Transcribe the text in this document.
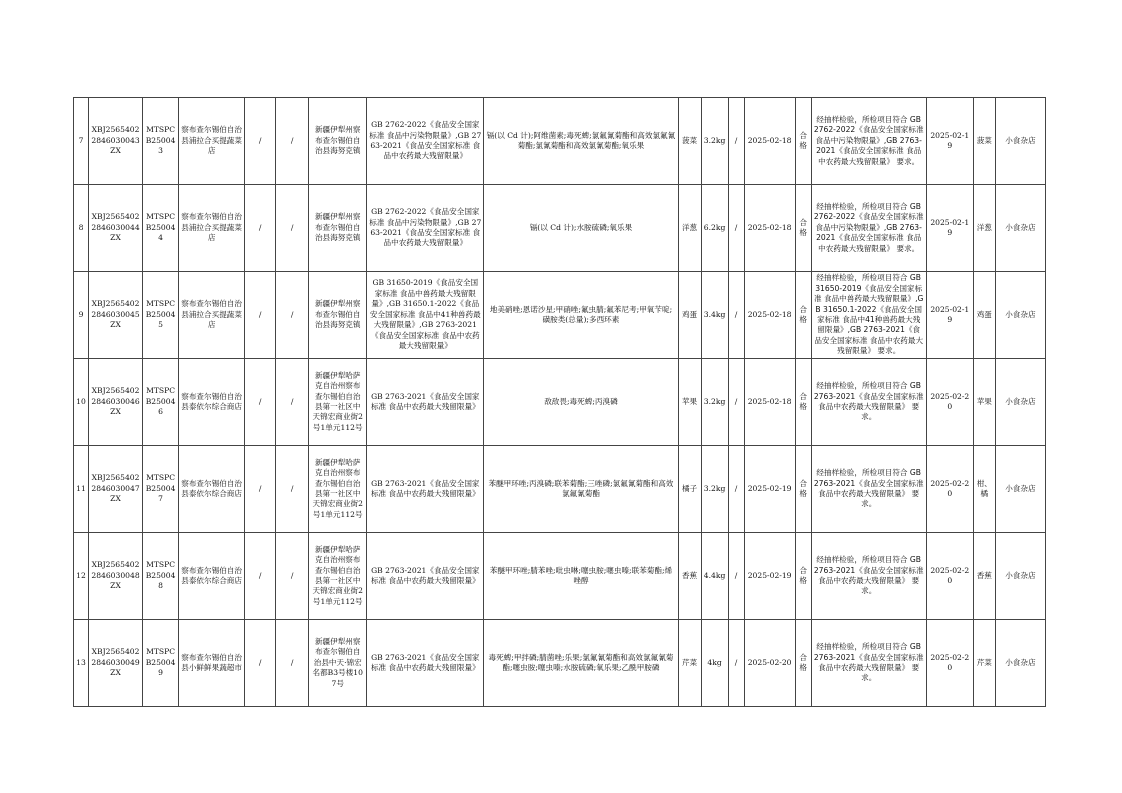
7	XBJ25654022846030043ZX	MTSPCB250043	察布查尔锡伯自治县浦拉合买提蔬菜店	/	/	新疆伊犁州察布查尔锡伯自治县海努克镇	GB 2762-2022《食品安全国家标准 食品中污染物限量》,GB 2763-2021《食品安全国家标准 食品中农药最大残留限量》	镉(以 Cd 计);阿维菌素;毒死蜱;氯氟氰菊酯和高效氯氟氰菊酯;氯氰菊酯和高效氯氰菊酯;氧乐果	菠菜	3.2kg	/	2025-02-18	合格	经抽样检验，所检项目符合 GB 2762-2022《食品安全国家标准 食品中污染物限量》,GB 2763-2021《食品安全国家标准 食品中农药最大残留限量》 要求。	2025-02-19	菠菜	小食杂店
8	XBJ25654022846030044ZX	MTSPCB250044	察布查尔锡伯自治县浦拉合买提蔬菜店	/	/	新疆伊犁州察布查尔锡伯自治县海努克镇	GB 2762-2022《食品安全国家标准 食品中污染物限量》,GB 2763-2021《食品安全国家标准 食品中农药最大残留限量》	镉(以 Cd 计);水胺硫磷;氧乐果	洋葱	6.2kg	/	2025-02-18	合格	经抽样检验，所检项目符合 GB 2762-2022《食品安全国家标准 食品中污染物限量》,GB 2763-2021《食品安全国家标准 食品中农药最大残留限量》 要求。	2025-02-19	洋葱	小食杂店
9	XBJ25654022846030045ZX	MTSPCB250045	察布查尔锡伯自治县浦拉合买提蔬菜店	/	/	新疆伊犁州察布查尔锡伯自治县海努克镇	GB 31650-2019《食品安全国家标准 食品中兽药最大残留限量》,GB 31650.1-2022《食品安全国家标准 食品中41种兽药最大残留限量》,GB 2763-2021《食品安全国家标准 食品中农药最大残留限量》	地美硝唑;恩诺沙星;甲硝唑;氟虫腈;氟苯尼考;甲氧苄啶;磺胺类(总量);多西环素	鸡蛋	3.4kg	/	2025-02-18	合格	经抽样检验，所检项目符合 GB 31650-2019《食品安全国家标准 食品中兽药最大残留限量》,GB 31650.1-2022《食品安全国家标准 食品中41种兽药最大残留限量》,GB 2763-2021《食品安全国家标准 食品中农药最大残留限量》 要求。	2025-02-19	鸡蛋	小食杂店
10	XBJ25654022846030046ZX	MTSPCB250046	察布查尔锡伯自治县泰依尔综合商店	/	/	新疆伊犁哈萨克自治州察布查尔锡伯自治县第一社区中天锦宏商业街2号1单元112号	GB 2763-2021《食品安全国家标准 食品中农药最大残留限量》	敌敌畏;毒死蜱;丙溴磷	苹果	3.2kg	/	2025-02-18	合格	经抽样检验，所检项目符合 GB 2763-2021《食品安全国家标准 食品中农药最大残留限量》 要求。	2025-02-20	苹果	小食杂店
11	XBJ25654022846030047ZX	MTSPCB250047	察布查尔锡伯自治县泰依尔综合商店	/	/	新疆伊犁哈萨克自治州察布查尔锡伯自治县第一社区中天锦宏商业街2号1单元112号	GB 2763-2021《食品安全国家标准 食品中农药最大残留限量》	苯醚甲环唑;丙溴磷;联苯菊酯;三唑磷;氯氟氰菊酯和高效氯氟氰菊酯	橘子	3.2kg	/	2025-02-19	合格	经抽样检验，所检项目符合 GB 2763-2021《食品安全国家标准 食品中农药最大残留限量》 要求。	2025-02-20	柑、橘	小食杂店
12	XBJ25654022846030048ZX	MTSPCB250048	察布查尔锡伯自治县泰依尔综合商店	/	/	新疆伊犁哈萨克自治州察布查尔锡伯自治县第一社区中天锦宏商业街2号1单元112号	GB 2763-2021《食品安全国家标准 食品中农药最大残留限量》	苯醚甲环唑;腈苯唑;吡虫啉;噻虫胺;噻虫嗪;联苯菊酯;烯唑醇	香蕉	4.4kg	/	2025-02-19	合格	经抽样检验，所检项目符合 GB 2763-2021《食品安全国家标准 食品中农药最大残留限量》 要求。	2025-02-20	香蕉	小食杂店
13	XBJ25654022846030049ZX	MTSPCB250049	察布查尔锡伯自治县小鲜鲜果蔬超市	/	/	新疆伊犁州察布查尔锡伯自治县中天·锦宏名都B3号楼107号	GB 2763-2021《食品安全国家标准 食品中农药最大残留限量》	毒死蜱;甲拌磷;腈菌唑;乐果;氯氟氰菊酯和高效氯氟氰菊酯;噻虫胺;噻虫嗪;水胺硫磷;氧乐果;乙酰甲胺磷	芹菜	4kg	/	2025-02-20	合格	经抽样检验，所检项目符合 GB 2763-2021《食品安全国家标准 食品中农药最大残留限量》 要求。	2025-02-20	芹菜	小食杂店
